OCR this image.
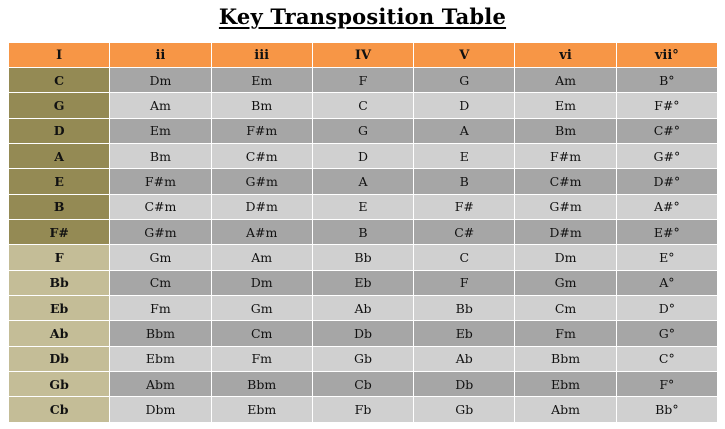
Key Transposition Table
I	ii	iii	IV	V	vi	vii°
C	Dm	Em	F	G	Am	B°
G	Am	Bm	C	D	Em	F#°
D	Em	F#m	G	A	Bm	C#°
A	Bm	C#m	D	E	F#m	G#°
E	F#m	G#m	A	B	C#m	D#°
B	C#m	D#m	E	F#	G#m	A#°
F#	G#m	A#m	B	C#	D#m	E#°
F	Gm	Am	Bb	C	Dm	E°
Bb	Cm	Dm	Eb	F	Gm	A°
Eb	Fm	Gm	Ab	Bb	Cm	D°
Ab	Bbm	Cm	Db	Eb	Fm	G°
Db	Ebm	Fm	Gb	Ab	Bbm	C°
Gb	Abm	Bbm	Cb	Db	Ebm	F°
Cb	Dbm	Ebm	Fb	Gb	Abm	Bb°
